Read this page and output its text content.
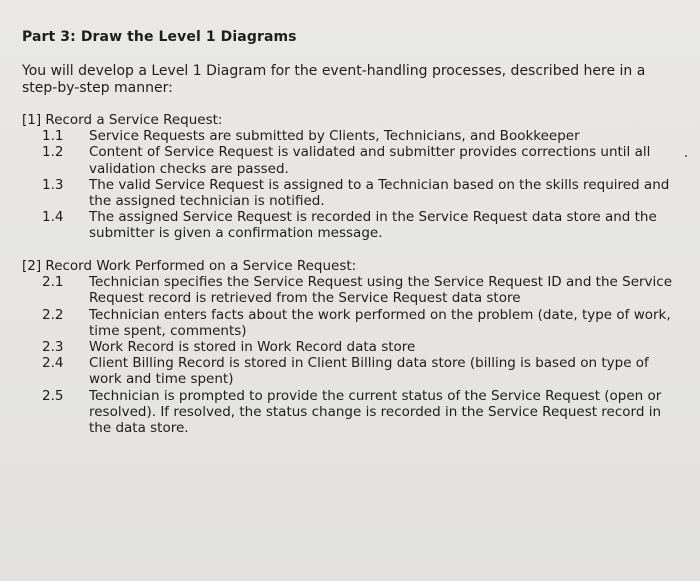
Part 3: Draw the Level 1 Diagrams
You will develop a Level 1 Diagram for the event-handling processes, described here in a step-by-step manner:
[1] Record a Service Request:
1.1	Service Requests are submitted by Clients, Technicians, and Bookkeeper
1.2	Content of Service Request is validated and submitter provides corrections until all validation checks are passed.
1.3	The valid Service Request is assigned to a Technician based on the skills required and the assigned technician is notified.
1.4	The assigned Service Request is recorded in the Service Request data store and the submitter is given a confirmation message.
[2] Record Work Performed on a Service Request:
2.1	Technician specifies the Service Request using the Service Request ID and the Service Request record is retrieved from the Service Request data store
2.2	Technician enters facts about the work performed on the problem (date, type of work, time spent, comments)
2.3	Work Record is stored in Work Record data store
2.4	Client Billing Record is stored in Client Billing data store (billing is based on type of work and time spent)
2.5	Technician is prompted to provide the current status of the Service Request (open or resolved). If resolved, the status change is recorded in the Service Request record in the data store.
